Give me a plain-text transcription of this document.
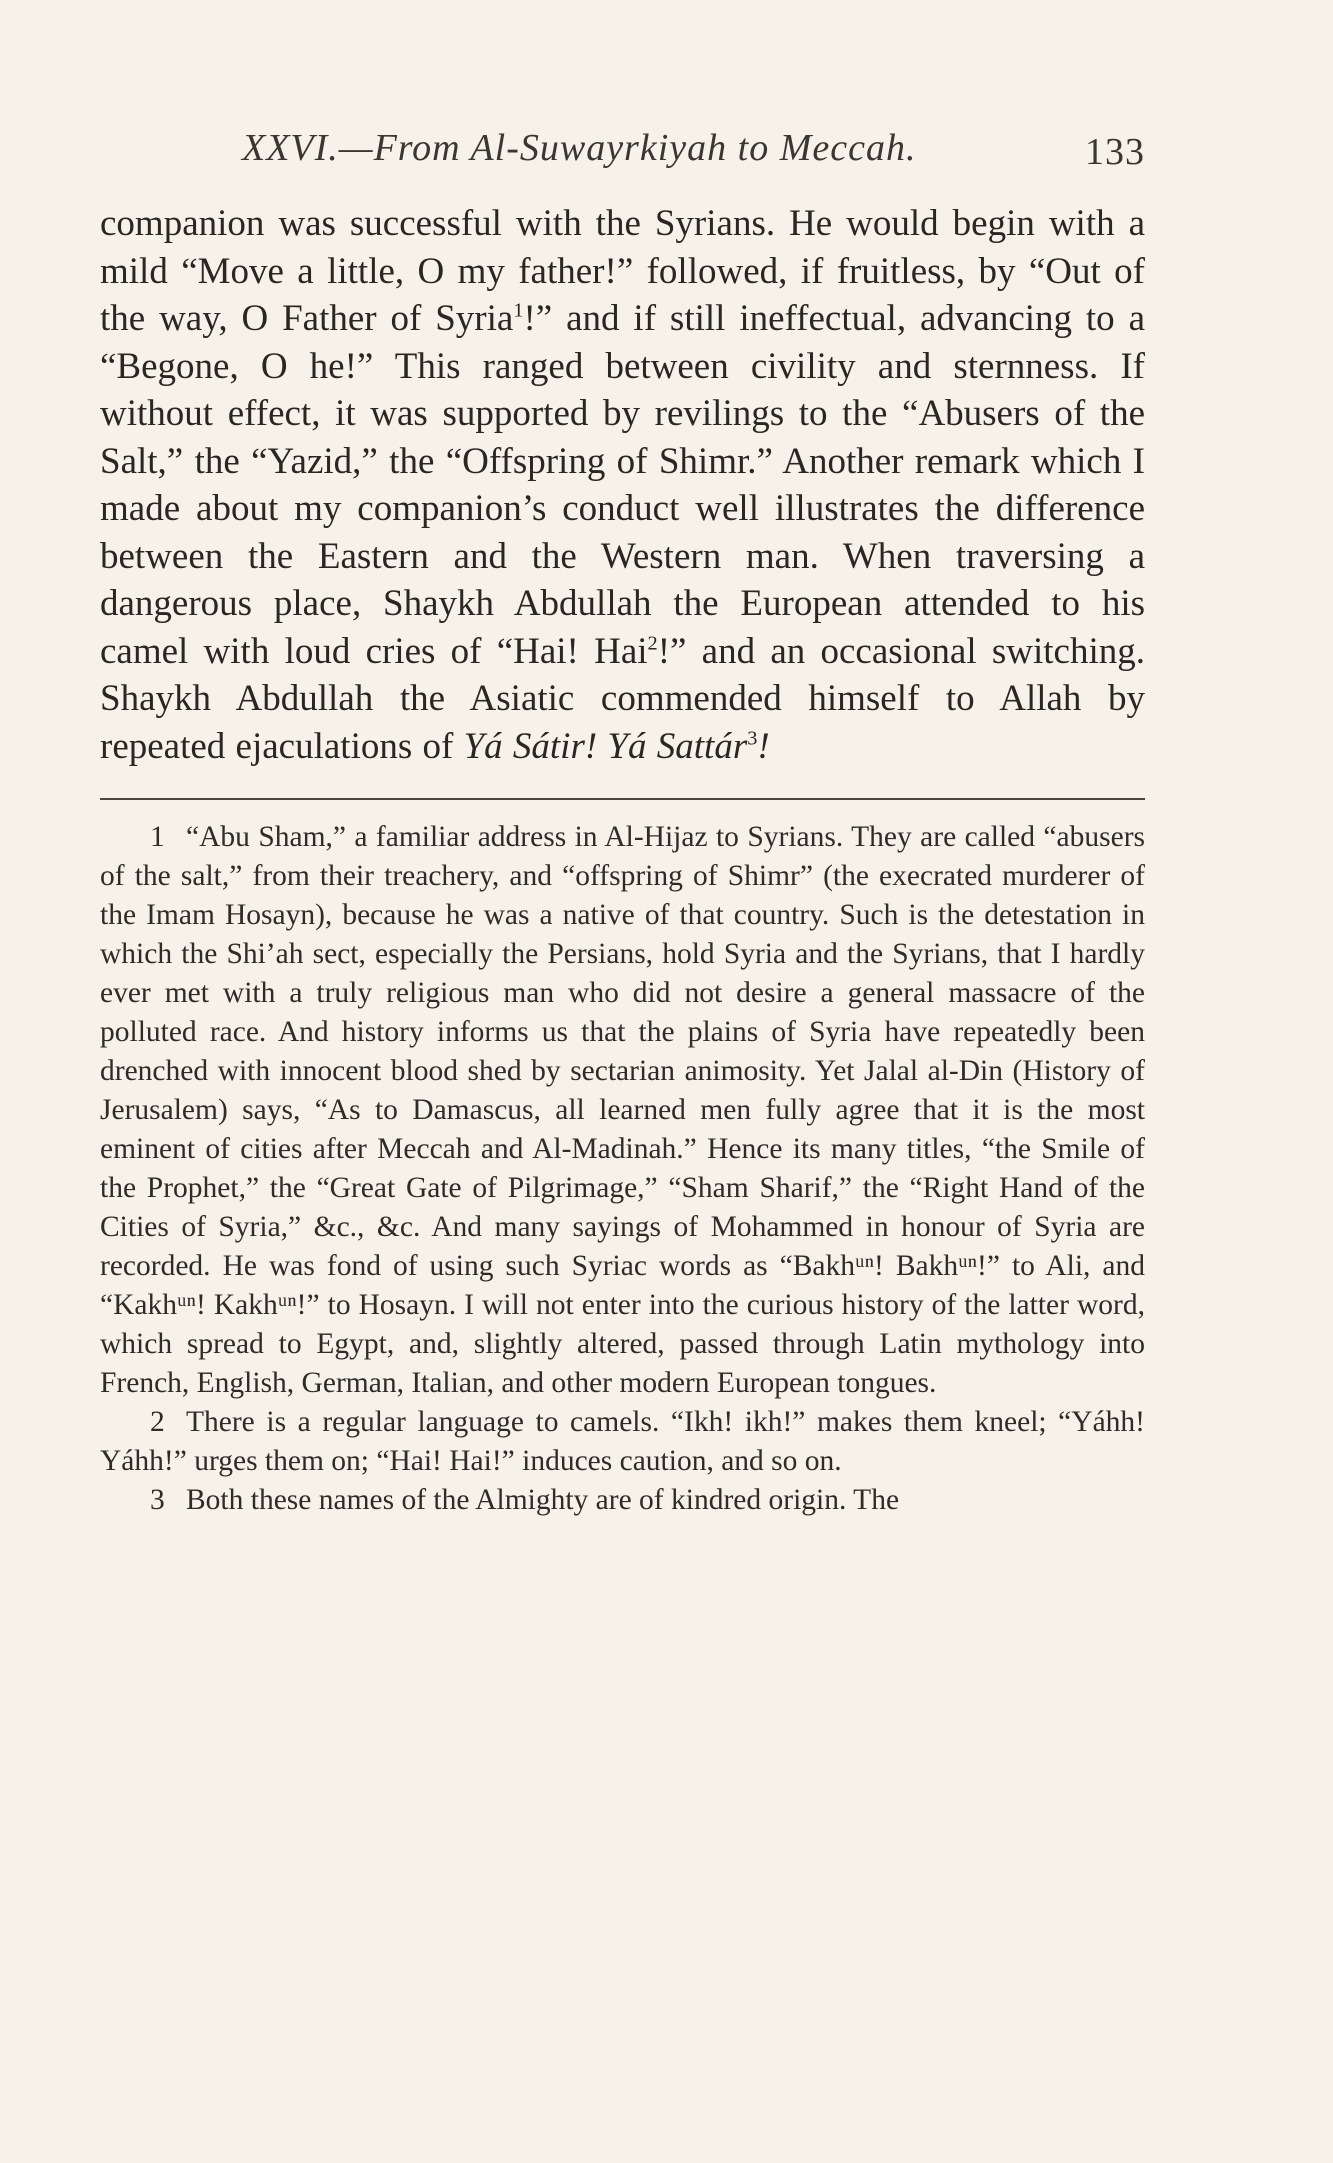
XXVI.—From Al-Suwayrkiyah to Meccah.	133

companion was successful with the Syrians. He would begin with a mild “Move a little, O my father!” followed, if fruitless, by “Out of the way, O Father of Syria$^1$!” and if still ineffectual, advancing to a “Begone, O he!” This ranged between civility and sternness. If without effect, it was supported by revilings to the “Abusers of the Salt,” the “Yazid,” the “Offspring of Shimr.” Another remark which I made about my companion’s conduct well illustrates the difference between the Eastern and the Western man. When traversing a dangerous place, Shaykh Abdullah the European attended to his camel with loud cries of “Hai! Hai$^2$!” and an occasional switching. Shaykh Abdullah the Asiatic commended himself to Allah by repeated ejaculations of Yá Sátir! Yá Sattár$^3$!

1 “Abu Sham,” a familiar address in Al-Hijaz to Syrians. They are called “abusers of the salt,” from their treachery, and “offspring of Shimr” (the execrated murderer of the Imam Hosayn), because he was a native of that country. Such is the detestation in which the Shi’ah sect, especially the Persians, hold Syria and the Syrians, that I hardly ever met with a truly religious man who did not desire a general massacre of the polluted race. And history informs us that the plains of Syria have repeatedly been drenched with innocent blood shed by sectarian animosity. Yet Jalal al-Din (History of Jerusalem) says, “As to Damascus, all learned men fully agree that it is the most eminent of cities after Meccah and Al-Madinah.” Hence its many titles, “the Smile of the Prophet,” the “Great Gate of Pilgrimage,” “Sham Sharif,” the “Right Hand of the Cities of Syria,” &c., &c. And many sayings of Mohammed in honour of Syria are recorded. He was fond of using such Syriac words as “Bakhᵘⁿ! Bakhᵘⁿ!” to Ali, and “Kakhᵘⁿ! Kakhᵘⁿ!” to Hosayn. I will not enter into the curious history of the latter word, which spread to Egypt, and, slightly altered, passed through Latin mythology into French, English, German, Italian, and other modern European tongues.

2 There is a regular language to camels. “Ikh! ikh!” makes them kneel; “Yáhh! Yáhh!” urges them on; “Hai! Hai!” induces caution, and so on.

3 Both these names of the Almighty are of kindred origin. The
